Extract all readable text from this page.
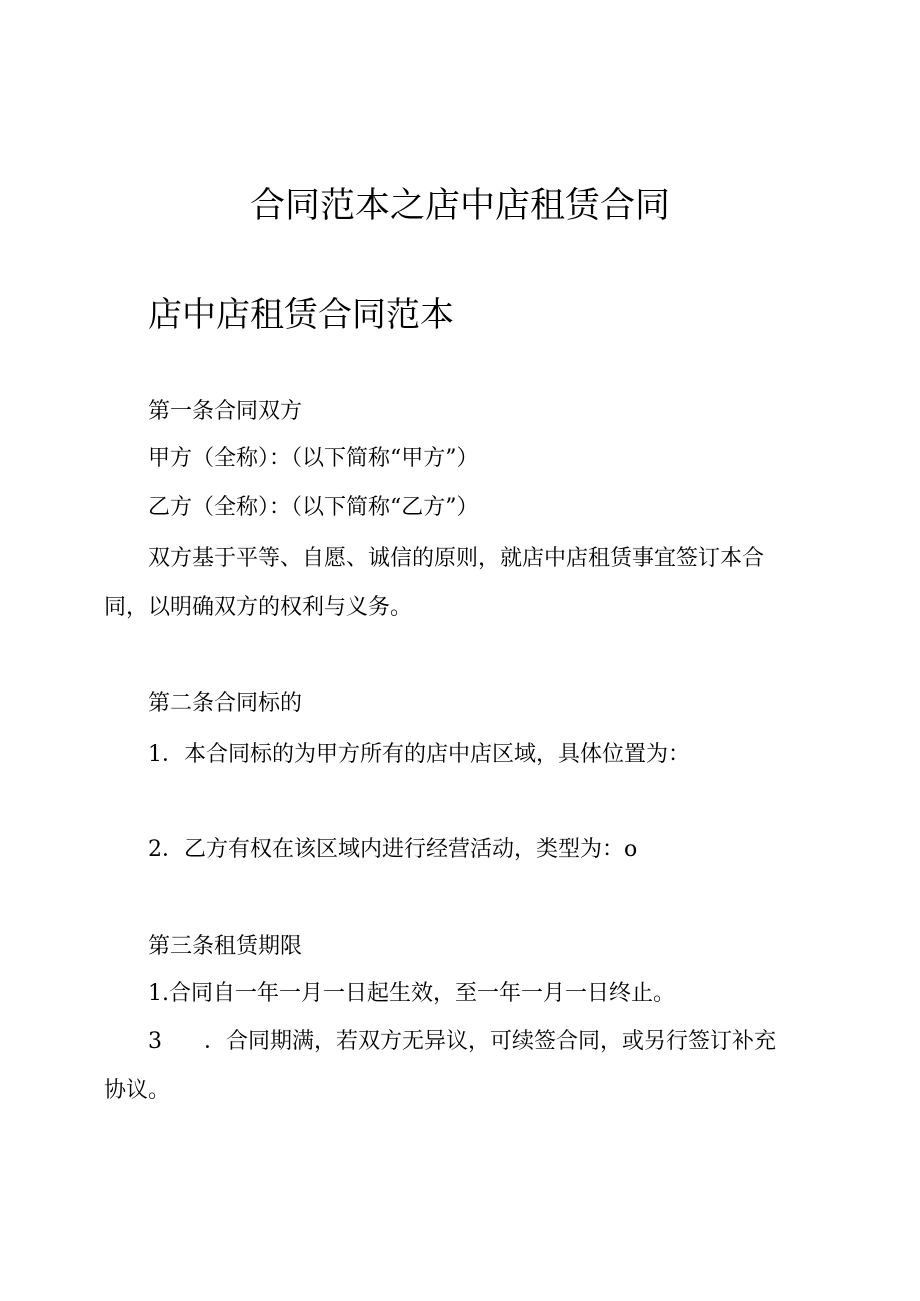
合同范本之店中店租赁合同
店中店租赁合同范本
第一条合同双方

甲方（全称）：（以下简称“甲方”）

乙方（全称）：（以下简称“乙方”）

双方基于平等、自愿、诚信的原则，就店中店租赁事宜签订本合

同，以明确双方的权利与义务。

第二条合同标的

1．本合同标的为甲方所有的店中店区域，具体位置为：

2．乙方有权在该区域内进行经营活动，类型为：o

第三条租赁期限

1.合同自一年一月一日起生效，至一年一月一日终止。

3 ．合同期满，若双方无异议，可续签合同，或另行签订补充

协议。
